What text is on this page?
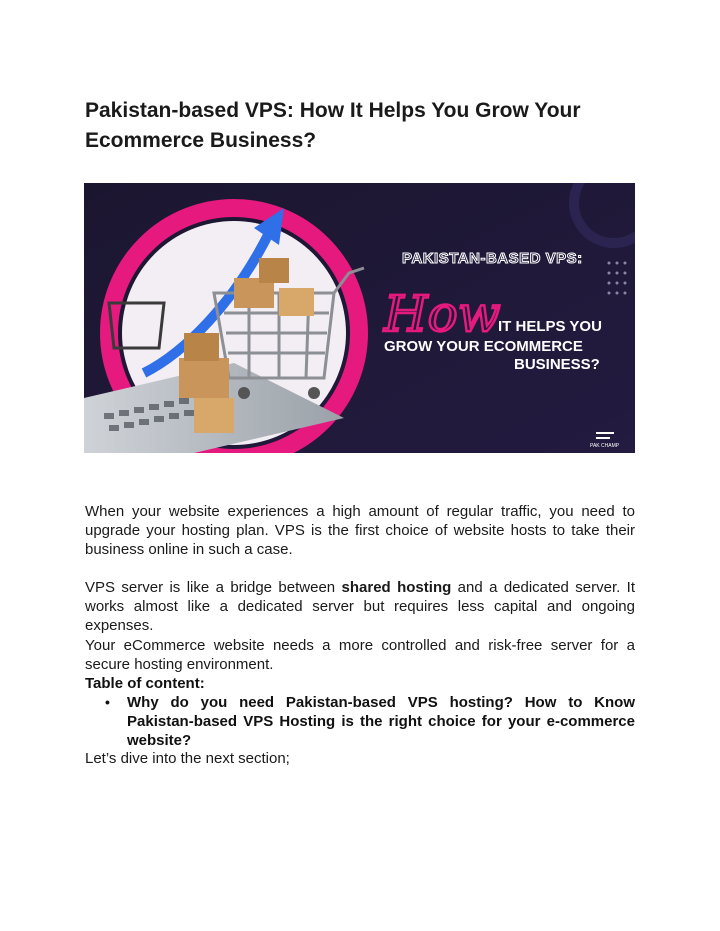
Pakistan-based VPS: How It Helps You Grow Your Ecommerce Business?
PAKISTAN-BASED VPS:
How
IT HELPS YOU
GROW YOUR ECOMMERCE
BUSINESS?
PAK CHAMP

When your website experiences a high amount of regular traffic, you need to upgrade your hosting plan. VPS is the first choice of website hosts to take their business online in such a case.

VPS server is like a bridge between shared hosting and a dedicated server. It works almost like a dedicated server but requires less capital and ongoing expenses.

Your eCommerce website needs a more controlled and risk-free server for a secure hosting environment.

Table of content:

• Why do you need Pakistan-based VPS hosting? How to Know Pakistan-based VPS Hosting is the right choice for your e-commerce website?

Let’s dive into the next section;
